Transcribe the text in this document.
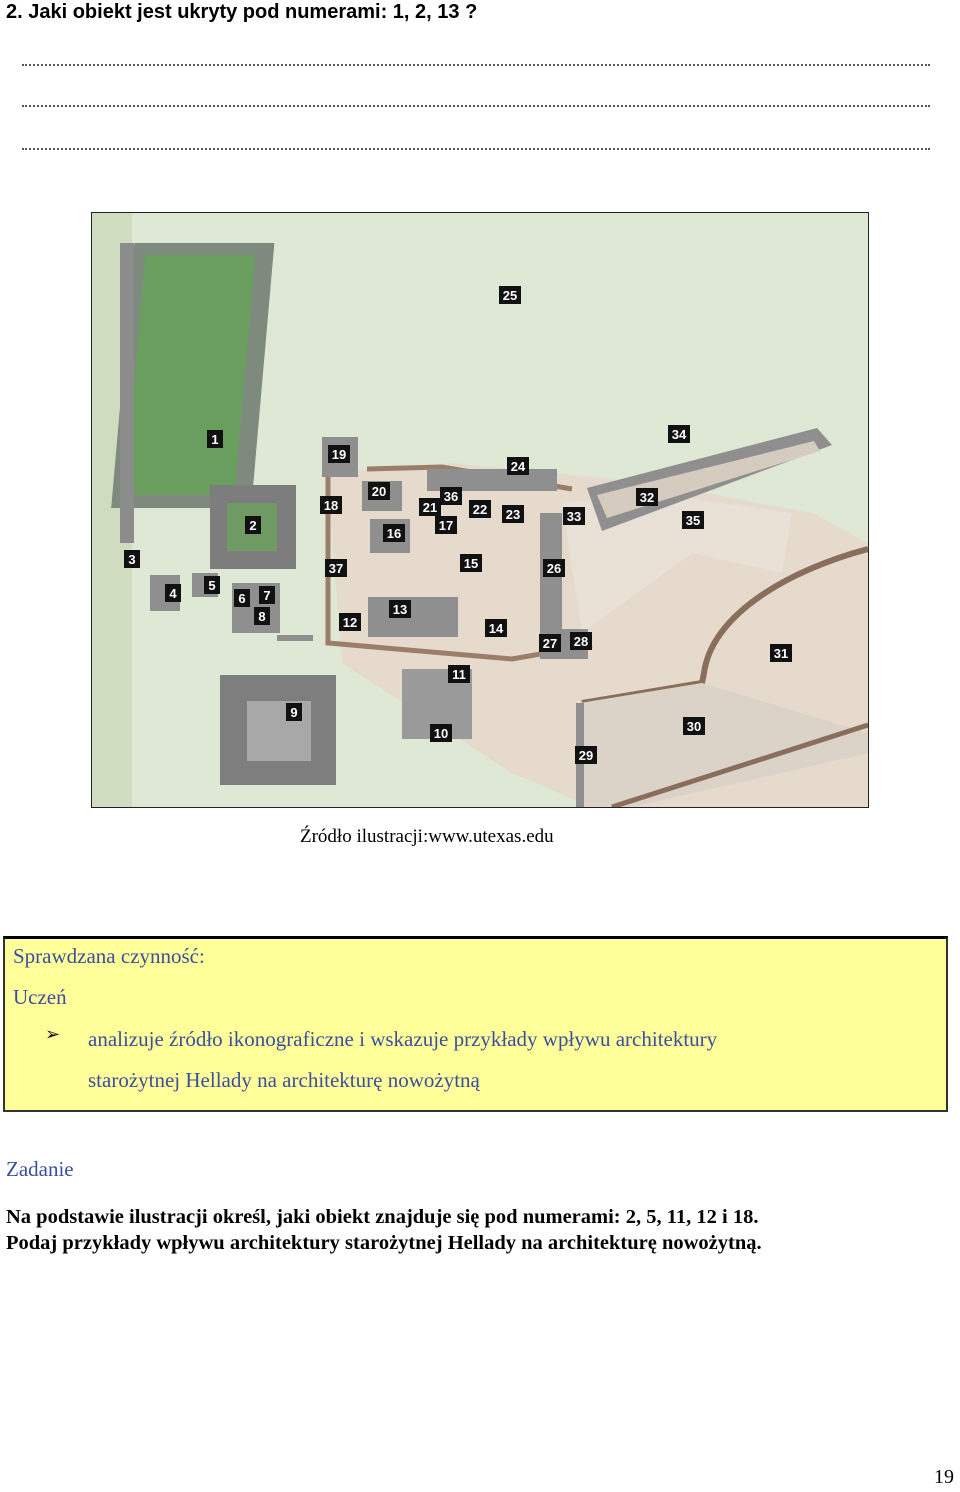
2. Jaki obiekt jest ukryty pod numerami: 1, 2, 13 ?
1
2
3
4
5
6 7
8
9
10
11
12
13
14
15
16
17
18
19
20
21	22 23
24
25
26
27 28
29
30
31
32
33
34
35
36
37
Źródło ilustracji:www.utexas.edu
Sprawdzana czynność:
Uczeń
➢ analizuje źródło ikonograficzne i wskazuje przykłady wpływu architektury
starożytnej Hellady na architekturę nowożytną
Zadanie
Na podstawie ilustracji określ, jaki obiekt znajduje się pod numerami: 2, 5, 11, 12 i 18.
Podaj przykłady wpływu architektury starożytnej Hellady na architekturę nowożytną.
19
